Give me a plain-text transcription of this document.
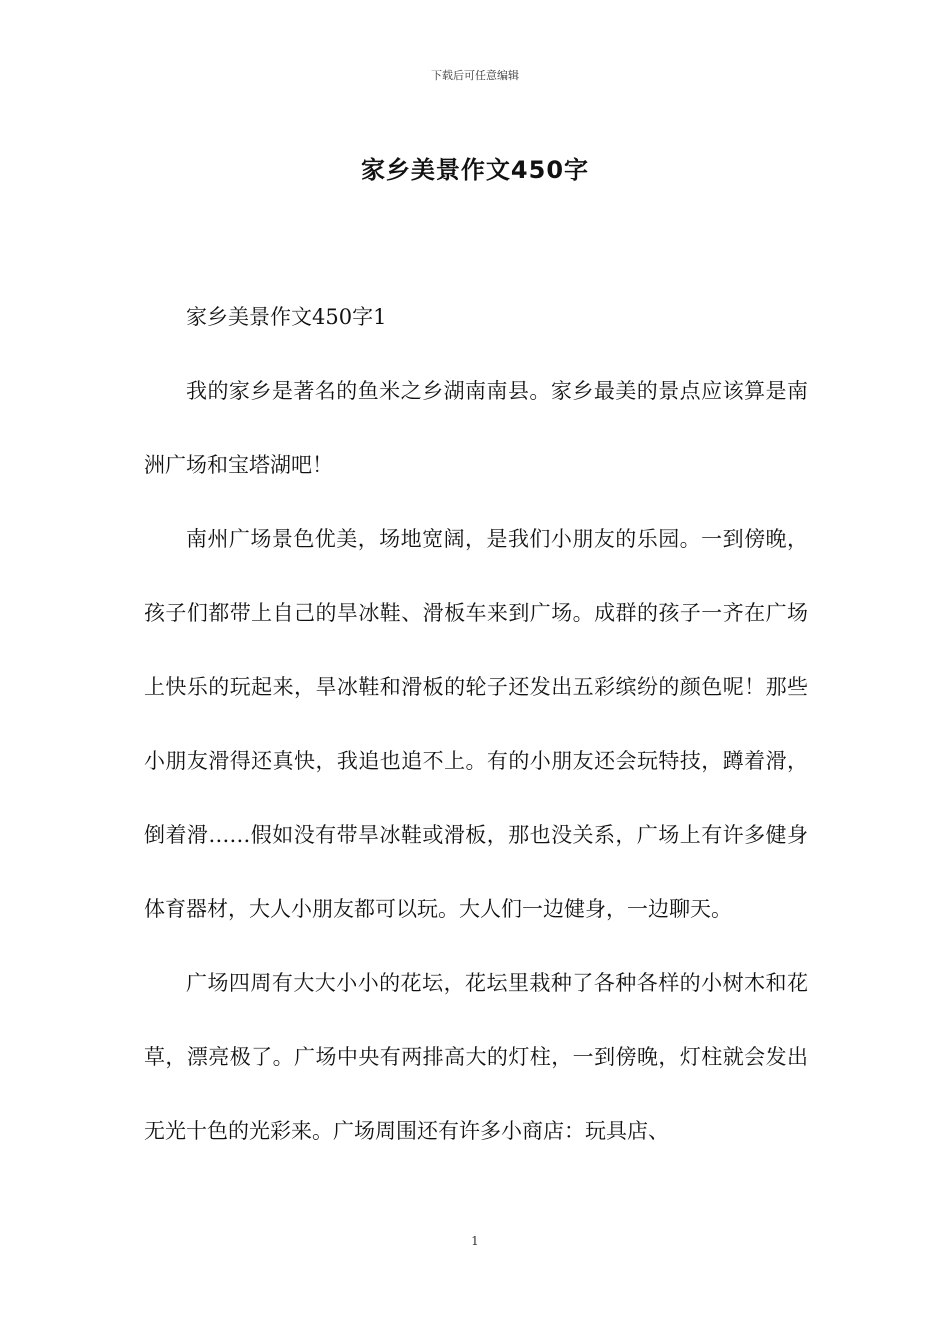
下载后可任意编辑
家乡美景作文450字

家乡美景作文450字1

我的家乡是著名的鱼米之乡湖南南县。家乡最美的景点应该算是南洲广场和宝塔湖吧！

南州广场景色优美，场地宽阔，是我们小朋友的乐园。一到傍晚，孩子们都带上自己的旱冰鞋、滑板车来到广场。成群的孩子一齐在广场上快乐的玩起来，旱冰鞋和滑板的轮子还发出五彩缤纷的颜色呢！那些小朋友滑得还真快，我追也追不上。有的小朋友还会玩特技，蹲着滑，倒着滑……假如没有带旱冰鞋或滑板，那也没关系，广场上有许多健身体育器材，大人小朋友都可以玩。大人们一边健身，一边聊天。

广场四周有大大小小的花坛，花坛里栽种了各种各样的小树木和花草，漂亮极了。广场中央有两排高大的灯柱，一到傍晚，灯柱就会发出无光十色的光彩来。广场周围还有许多小商店：玩具店、

1
